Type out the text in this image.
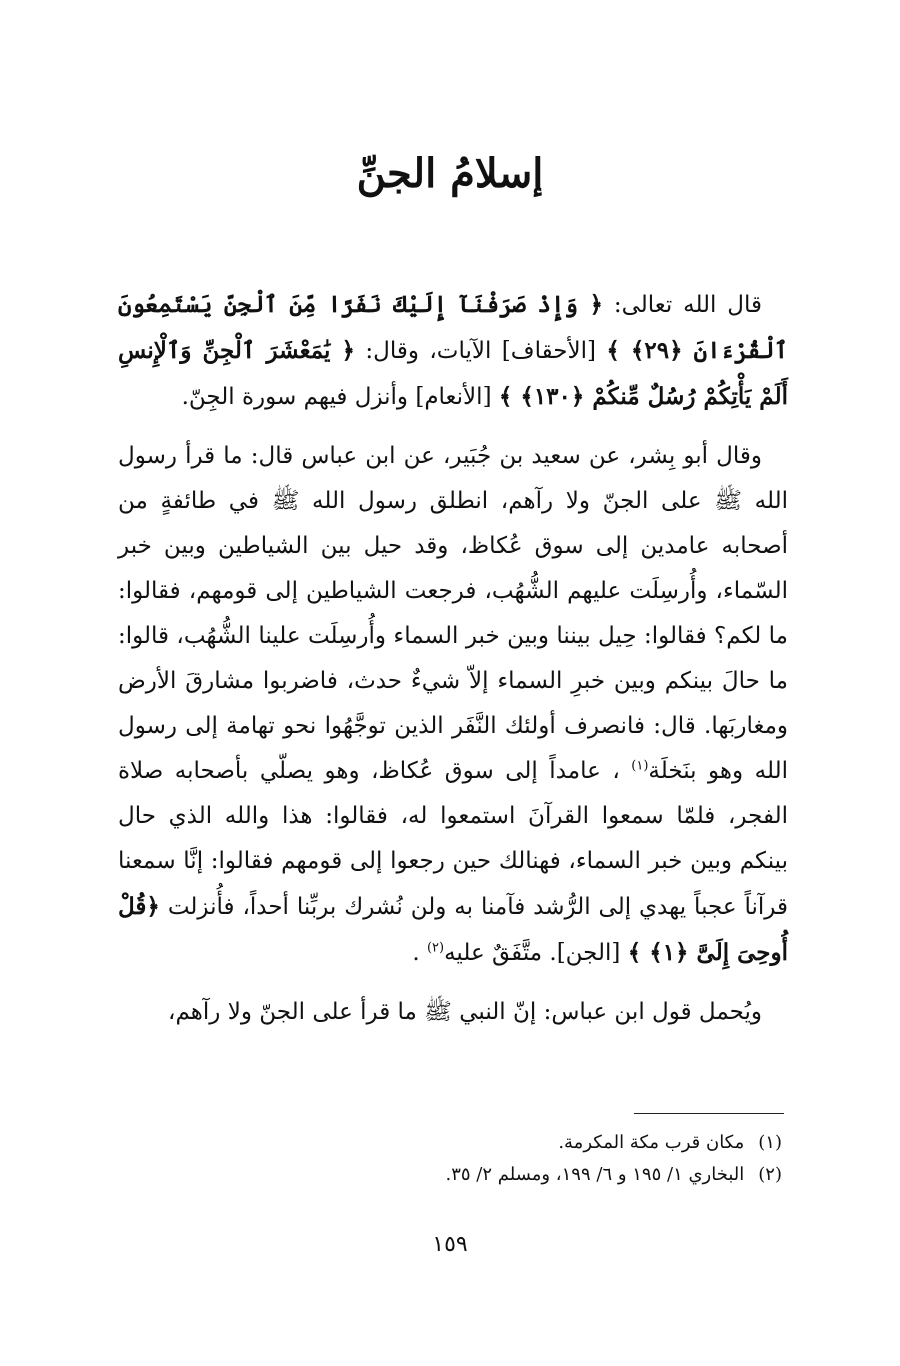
إسلامُ الجنِّ

قال الله تعالى: ﴿ وَإِذْ صَرَفْنَآ إِلَيْكَ نَفَرًا مِّنَ ٱلْجِنِّ يَسْتَمِعُونَ ٱلْقُرْءَانَ ﴿٢٩﴾ ﴾ [الأحقاف] الآيات، وقال: ﴿ يَٰمَعْشَرَ ٱلْجِنِّ وَٱلْإِنسِ أَلَمْ يَأْتِكُمْ رُسُلٌ مِّنكُمْ ﴿١٣٠﴾ ﴾ [الأنعام] وأنزل فيهم سورة الجِنّ.

وقال أبو بِشر، عن سعيد بن جُبَير، عن ابن عباس قال: ما قرأ رسول الله ﷺ على الجنّ ولا رآهم، انطلق رسول الله ﷺ في طائفةٍ من أصحابه عامدين إلى سوق عُكاظ، وقد حيل بين الشياطين وبين خبر السّماء، وأُرسِلَت عليهم الشُّهُب، فرجعت الشياطين إلى قومهم، فقالوا: ما لكم؟ فقالوا: حِيل بيننا وبين خبر السماء وأُرسِلَت علينا الشُّهُب، قالوا: ما حالَ بينكم وبين خبرِ السماء إلاّ شيءٌ حدث، فاضربوا مشارقَ الأرض ومغاربَها. قال: فانصرف أولئك النَّفَر الذين توجَّهُوا نحو تهامة إلى رسول الله وهو بنَخلَة$^{(١)}$ ، عامداً إلى سوق عُكاظ، وهو يصلّي بأصحابه صلاة الفجر، فلمّا سمعوا القرآنَ استمعوا له، فقالوا: هذا والله الذي حال بينكم وبين خبر السماء، فهنالك حين رجعوا إلى قومهم فقالوا: إنَّا سمعنا قرآناً عجباً يهدي إلى الرُّشد فآمنا به ولن نُشرك بربِّنا أحداً، فأُنزلت ﴿قُلْ أُوحِىَ إِلَىَّ ﴿١﴾ ﴾ [الجن]. متَّفَقٌ عليه$^{(٢)}$ .

ويُحمل قول ابن عباس: إنّ النبي ﷺ ما قرأ على الجنّ ولا رآهم،

(١)
مكان قرب مكة المكرمة.
(٢)
البخاري ١/ ١٩٥ و ٦/ ١٩٩، ومسلم ٢/ ٣٥.
١٥٩
